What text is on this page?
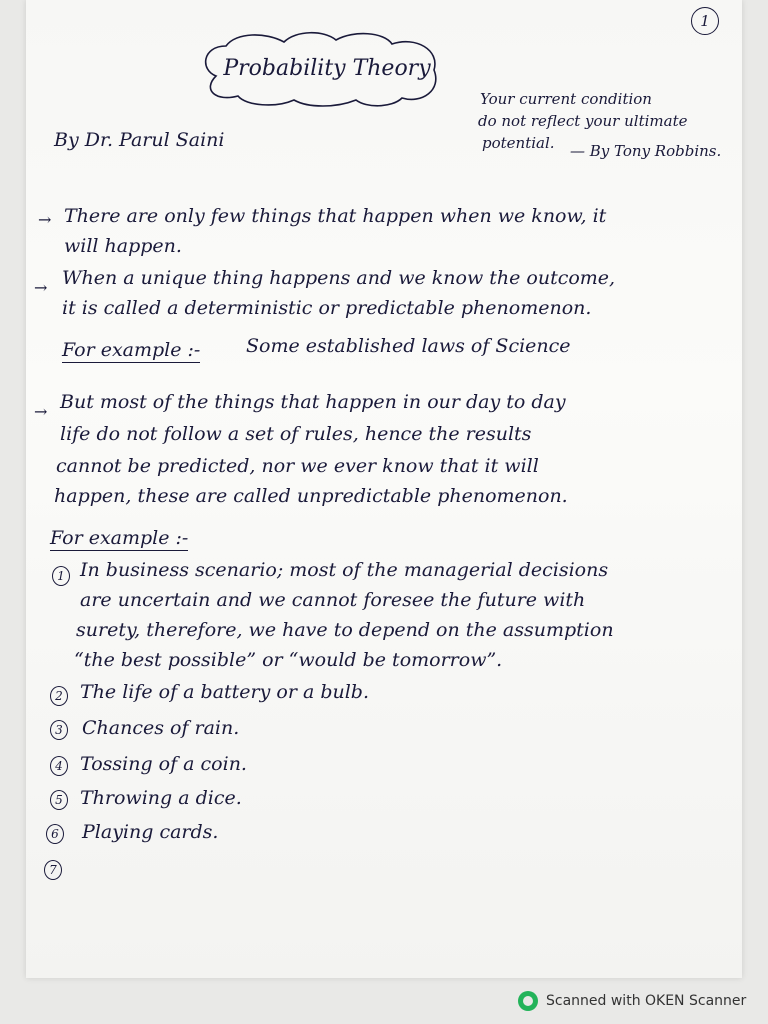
1
Probability Theory
By Dr. Parul Saini
Your current condition
do not reflect your ultimate
potential. — By Tony Robbins.
→ There are only few things that happen when we know, it
will happen.
→ When a unique thing happens and we know the outcome,
it is called a deterministic or predictable phenomenon.
For example :- Some established laws of Science
→ But most of the things that happen in our day to day
life do not follow a set of rules, hence the results
cannot be predicted, nor we ever know that it will
happen, these are called unpredictable phenomenon.
For example :-
1 In business scenario; most of the managerial decisions
are uncertain and we cannot foresee the future with
surety, therefore, we have to depend on the assumption
“the best possible” or “would be tomorrow”.
2 The life of a battery or a bulb.
3 Chances of rain.
4 Tossing of a coin.
5 Throwing a dice.
6 Playing cards.
7
Scanned with OKEN Scanner
